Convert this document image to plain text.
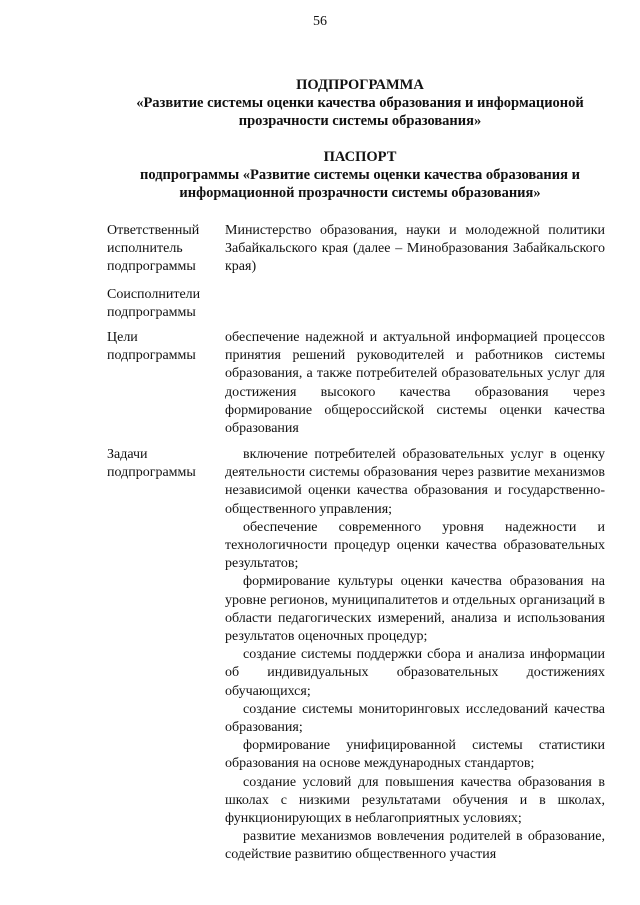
56
ПОДПРОГРАММА
«Развитие системы оценки качества образования и информационой
прозрачности системы образования»
ПАСПОРТ
подпрограммы «Развитие системы оценки качества образования и
информационной прозрачности системы образования»
Ответственный исполнитель подпрограммы
Министерство образования, науки и молодежной политики Забайкальского края (далее – Минобразования Забайкальского края)
Соисполнители подпрограммы
Цели подпрограммы
обеспечение надежной и актуальной информацией процессов принятия решений руководителей и работников системы образования, а также потребителей образовательных услуг для достижения высокого качества образования через формирование общероссийской системы оценки качества образования
Задачи подпрограммы

включение потребителей образовательных услуг в оценку деятельности системы образования через развитие механизмов независимой оценки качества образования и государственно-общественного управления;

обеспечение современного уровня надежности и технологичности процедур оценки качества образовательных результатов;

формирование культуры оценки качества образования на уровне регионов, муниципалитетов и отдельных организаций в области педагогических измерений, анализа и использования результатов оценочных процедур;

создание системы поддержки сбора и анализа информации об индивидуальных образовательных достижениях обучающихся;

создание системы мониторинговых исследований качества образования;

формирование унифицированной системы статистики образования на основе международных стандартов;

создание условий для повышения качества образования в школах с низкими результатами обучения и в школах, функционирующих в неблагоприятных условиях;

развитие механизмов вовлечения родителей в образование, содействие развитию общественного участия
